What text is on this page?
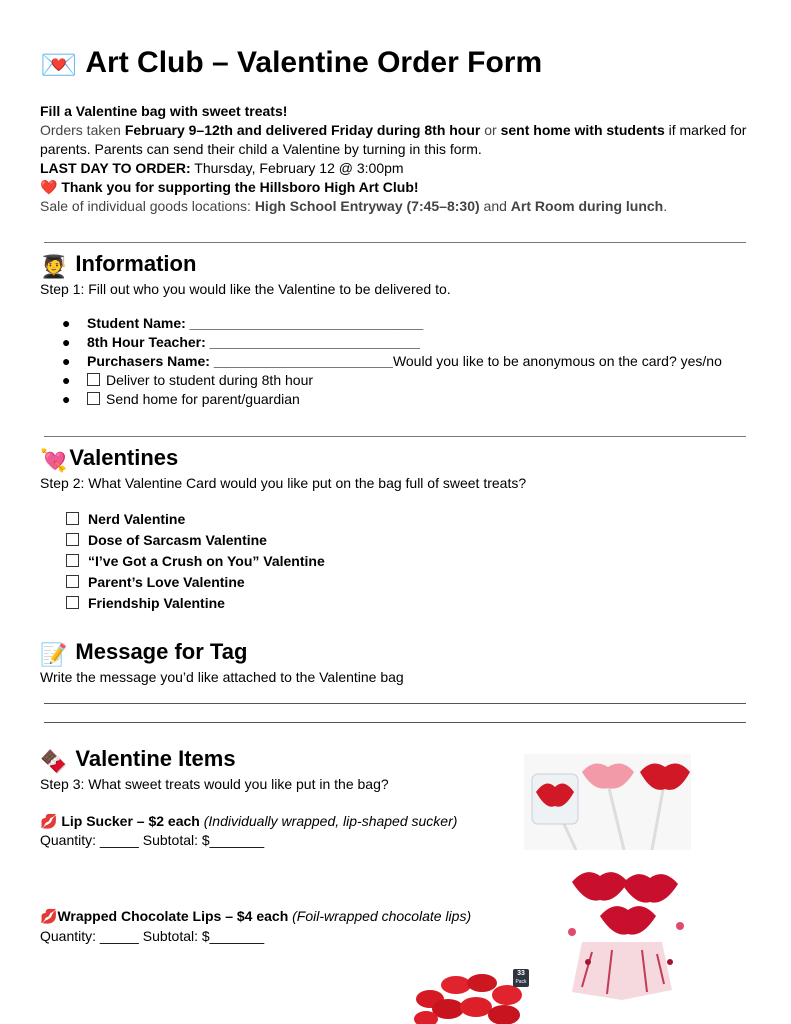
💌 Art Club – Valentine Order Form

Fill a Valentine bag with sweet treats!

Orders taken February 9–12th and delivered Friday during 8th hour or sent home with students if marked for parents. Parents can send their child a Valentine by turning in this form.

LAST DAY TO ORDER: Thursday, February 12 @ 3:00pm

❤️ Thank you for supporting the Hillsboro High Art Club!

Sale of individual goods locations: High School Entryway (7:45–8:30) and Art Room during lunch.

🧑‍🎓 Information
Step 1: Fill out who you would like the Valentine to be delivered to.
● Student Name: ______________________________
● 8th Hour Teacher: ___________________________
● Purchasers Name: _______________________Would you like to be anonymous on the card? yes/no
●	Deliver to student during 8th hour
●	Send home for parent/guardian
💘Valentines
Step 2: What Valentine Card would you like put on the bag full of sweet treats?
Nerd Valentine
Dose of Sarcasm Valentine
“I’ve Got a Crush on You” Valentine
Parent’s Love Valentine
Friendship Valentine
📝 Message for Tag
Write the message you’d like attached to the Valentine bag
🍫 Valentine Items
Step 3: What sweet treats would you like put in the bag?
💋 Lip Sucker – $2 each (Individually wrapped, lip-shaped sucker)
Quantity: _____ Subtotal: $_______
💋Wrapped Chocolate Lips – $4 each (Foil-wrapped chocolate lips)
Quantity: _____ Subtotal: $_______
33
Pack
